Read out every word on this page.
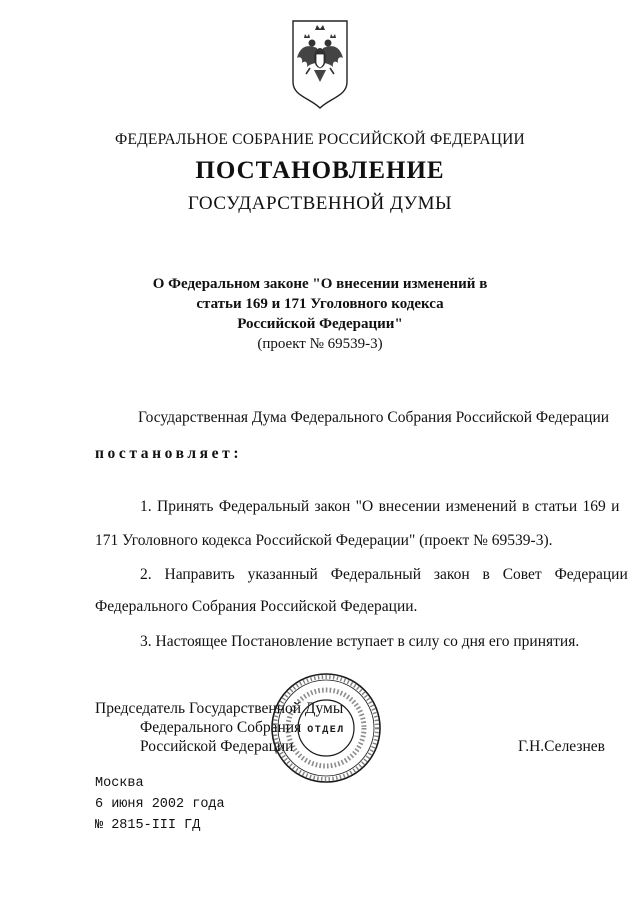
ФЕДЕРАЛЬНОЕ СОБРАНИЕ РОССИЙСКОЙ ФЕДЕРАЦИИ
ПОСТАНОВЛЕНИЕ
ГОСУДАРСТВЕННОЙ ДУМЫ
О Федеральном законе "О внесении изменений в
статьи 169 и 171 Уголовного кодекса
Российской Федерации"
(проект № 69539-3)
Государственная Дума Федерального Собрания Российской Федерации
постановляет:
1. Принять Федеральный закон "О внесении изменений в статьи 169 и
171 Уголовного кодекса Российской Федерации" (проект № 69539-3).
2. Направить указанный Федеральный закон в Совет Федерации
Федерального Собрания Российской Федерации.
3. Настоящее Постановление вступает в силу со дня его принятия.
Председатель Государственной Думы
Федерального Собрания
Российской Федерации	Г.Н.Селезнев
ОТДЕЛ
Москва
6 июня 2002 года
№ 2815-III ГД
